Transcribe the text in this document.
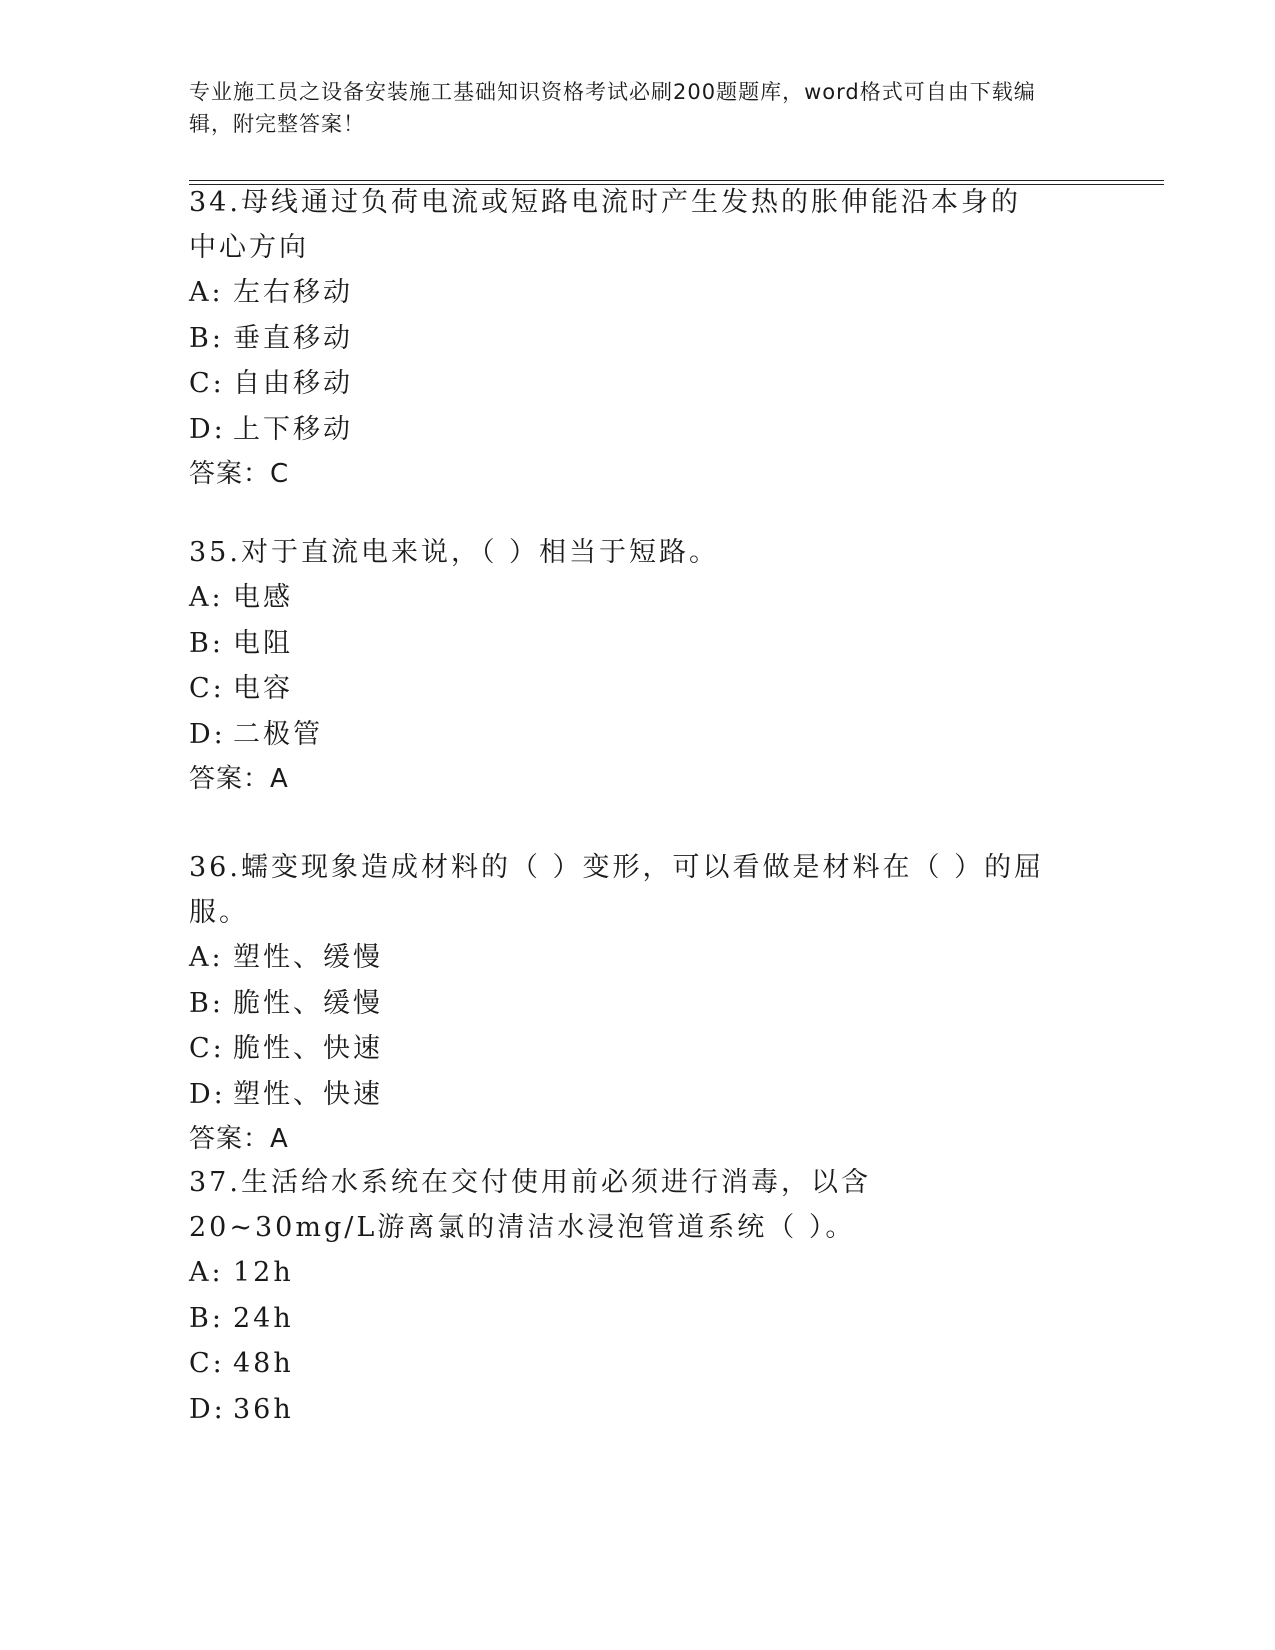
专业施工员之设备安装施工基础知识资格考试必刷200题题库，word格式可自由下载编辑，附完整答案！

34.母线通过负荷电流或短路电流时产生发热的胀伸能沿本身的中心方向

A: 左右移动
B: 垂直移动
C: 自由移动
D: 上下移动
答案：C

35.对于直流电来说，（ ）相当于短路。

A: 电感
B: 电阻
C: 电容
D: 二极管
答案：A

36.蠕变现象造成材料的（ ）变形，可以看做是材料在（ ）的屈服。

A: 塑性、缓慢
B: 脆性、缓慢
C: 脆性、快速
D: 塑性、快速
答案：A

37.生活给水系统在交付使用前必须进行消毒，以含20~30mg/L游离氯的清洁水浸泡管道系统（ ）。

A: 12h
B: 24h
C: 48h
D: 36h
